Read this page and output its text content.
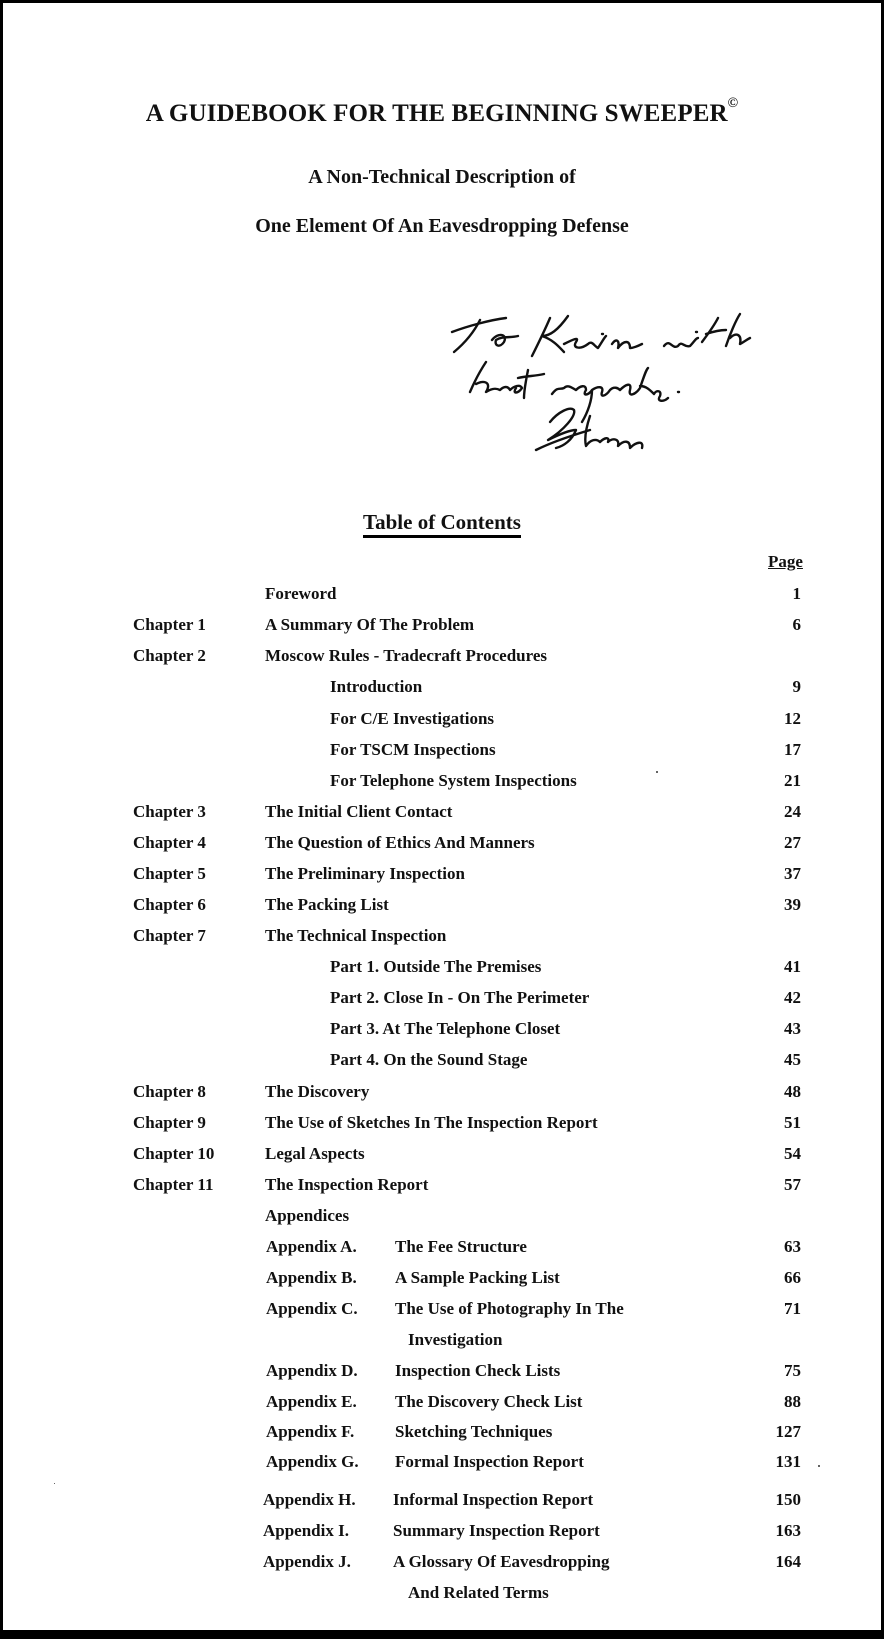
A GUIDEBOOK FOR THE BEGINNING SWEEPER©
A Non-Technical Description of
One Element Of An Eavesdropping Defense
Table of Contents
Page
Foreword	1
Chapter 1	A Summary Of The Problem	6
Chapter 2	Moscow Rules - Tradecraft Procedures
Introduction	9
For C/E Investigations	12
For TSCM Inspections	17
For Telephone System Inspections	21
Chapter 3	The Initial Client Contact	24
Chapter 4	The Question of Ethics And Manners	27
Chapter 5	The Preliminary Inspection	37
Chapter 6	The Packing List	39
Chapter 7	The Technical Inspection
Part 1. Outside The Premises	41
Part 2. Close In - On The Perimeter	42
Part 3. At The Telephone Closet	43
Part 4. On the Sound Stage	45
Chapter 8	The Discovery	48
Chapter 9	The Use of Sketches In The Inspection Report	51
Chapter 10	Legal Aspects	54
Chapter 11	The Inspection Report	57
Appendices
Appendix A. The Fee Structure	63
Appendix B. A Sample Packing List	66
Appendix C. The Use of Photography In The	71
Investigation
Appendix D. Inspection Check Lists	75
Appendix E. The Discovery Check List	88
Appendix F. Sketching Techniques	127
Appendix G. Formal Inspection Report	131
Appendix H. Informal Inspection Report	150
Appendix I.	Summary Inspection Report	163
Appendix J. A Glossary Of Eavesdropping	164
And Related Terms
